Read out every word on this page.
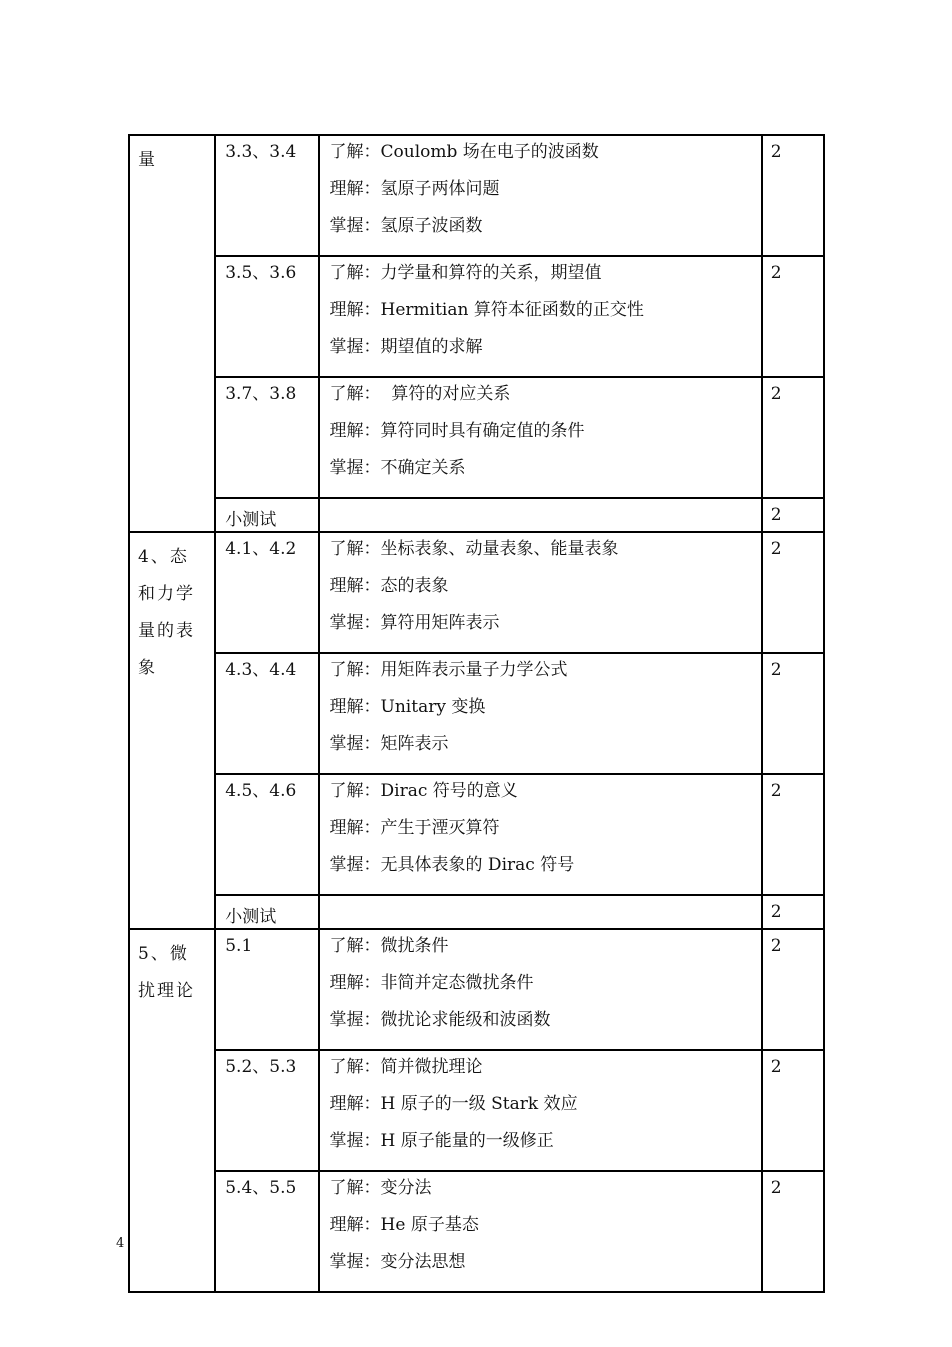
量	3.3、3.4	了解：Coulomb 场在电子的波函数
理解：氢原子两体问题
掌握：氢原子波函数	2
	3.5、3.6	了解：力学量和算符的关系，期望值
理解：Hermitian 算符本征函数的正交性
掌握：期望值的求解	2
	3.7、3.8	了解：  算符的对应关系
理解：算符同时具有确定值的条件
掌握：不确定关系	2
	小测试		2
4、态和力学量的表象	4.1、4.2	了解：坐标表象、动量表象、能量表象
理解：态的表象
掌握：算符用矩阵表示	2
	4.3、4.4	了解：用矩阵表示量子力学公式
理解：Unitary 变换
掌握：矩阵表示	2
	4.5、4.6	了解：Dirac 符号的意义
理解：产生于湮灭算符
掌握：无具体表象的 Dirac 符号	2
	小测试		2
5、微扰理论	5.1	了解：微扰条件
理解：非简并定态微扰条件
掌握：微扰论求能级和波函数	2
	5.2、5.3	了解：简并微扰理论
理解：H 原子的一级 Stark 效应
掌握：H 原子能量的一级修正	2
	5.4、5.5	了解：变分法
理解：He 原子基态
掌握：变分法思想	2
4
